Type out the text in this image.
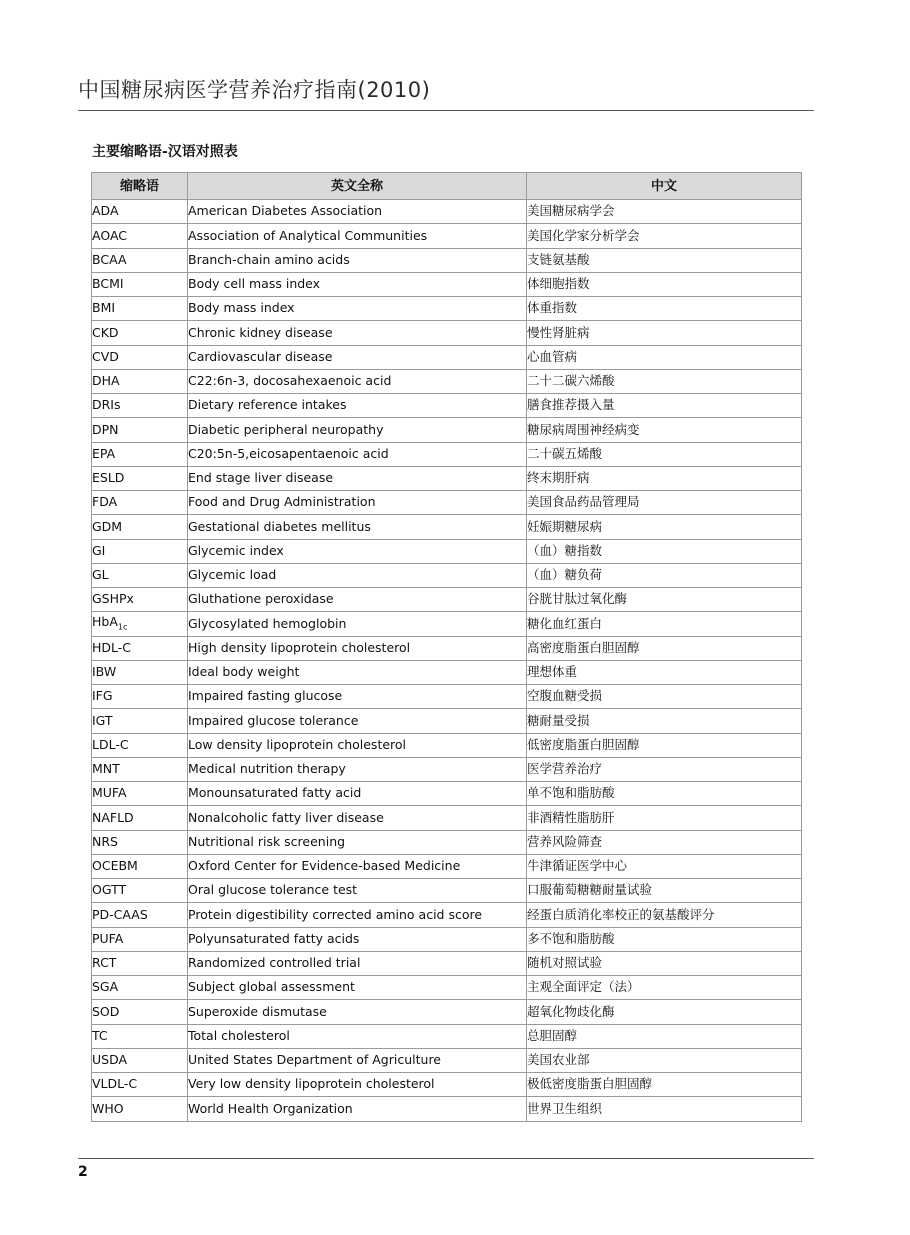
中国糖尿病医学营养治疗指南(2010)
主要缩略语-汉语对照表
缩略语	英文全称	中文
ADA	American Diabetes Association	美国糖尿病学会
AOAC	Association of Analytical Communities	美国化学家分析学会
BCAA	Branch-chain amino acids	支链氨基酸
BCMI	Body cell mass index	体细胞指数
BMI	Body mass index	体重指数
CKD	Chronic kidney disease	慢性肾脏病
CVD	Cardiovascular disease	心血管病
DHA	C22:6n-3, docosahexaenoic acid	二十二碳六烯酸
DRIs	Dietary reference intakes	膳食推荐摄入量
DPN	Diabetic peripheral neuropathy	糖尿病周围神经病变
EPA	C20:5n-5,eicosapentaenoic acid	二十碳五烯酸
ESLD	End stage liver disease	终末期肝病
FDA	Food and Drug Administration	美国食品药品管理局
GDM	Gestational diabetes mellitus	妊娠期糖尿病
GI	Glycemic index	（血）糖指数
GL	Glycemic load	（血）糖负荷
GSHPx	Gluthatione peroxidase	谷胱甘肽过氧化酶
HbA$_{1c}$	Glycosylated hemoglobin	糖化血红蛋白
HDL-C	High density lipoprotein cholesterol	高密度脂蛋白胆固醇
IBW	Ideal body weight	理想体重
IFG	Impaired fasting glucose	空腹血糖受损
IGT	Impaired glucose tolerance	糖耐量受损
LDL-C	Low density lipoprotein cholesterol	低密度脂蛋白胆固醇
MNT	Medical nutrition therapy	医学营养治疗
MUFA	Monounsaturated fatty acid	单不饱和脂肪酸
NAFLD	Nonalcoholic fatty liver disease	非酒精性脂肪肝
NRS	Nutritional risk screening	营养风险筛查
OCEBM	Oxford Center for Evidence-based Medicine	牛津循证医学中心
OGTT	Oral glucose tolerance test	口服葡萄糖糖耐量试验
PD-CAAS	Protein digestibility corrected amino acid score	经蛋白质消化率校正的氨基酸评分
PUFA	Polyunsaturated fatty acids	多不饱和脂肪酸
RCT	Randomized controlled trial	随机对照试验
SGA	Subject global assessment	主观全面评定（法）
SOD	Superoxide dismutase	超氧化物歧化酶
TC	Total cholesterol	总胆固醇
USDA	United States Department of Agriculture	美国农业部
VLDL-C	Very low density lipoprotein cholesterol	极低密度脂蛋白胆固醇
WHO	World Health Organization	世界卫生组织
2
